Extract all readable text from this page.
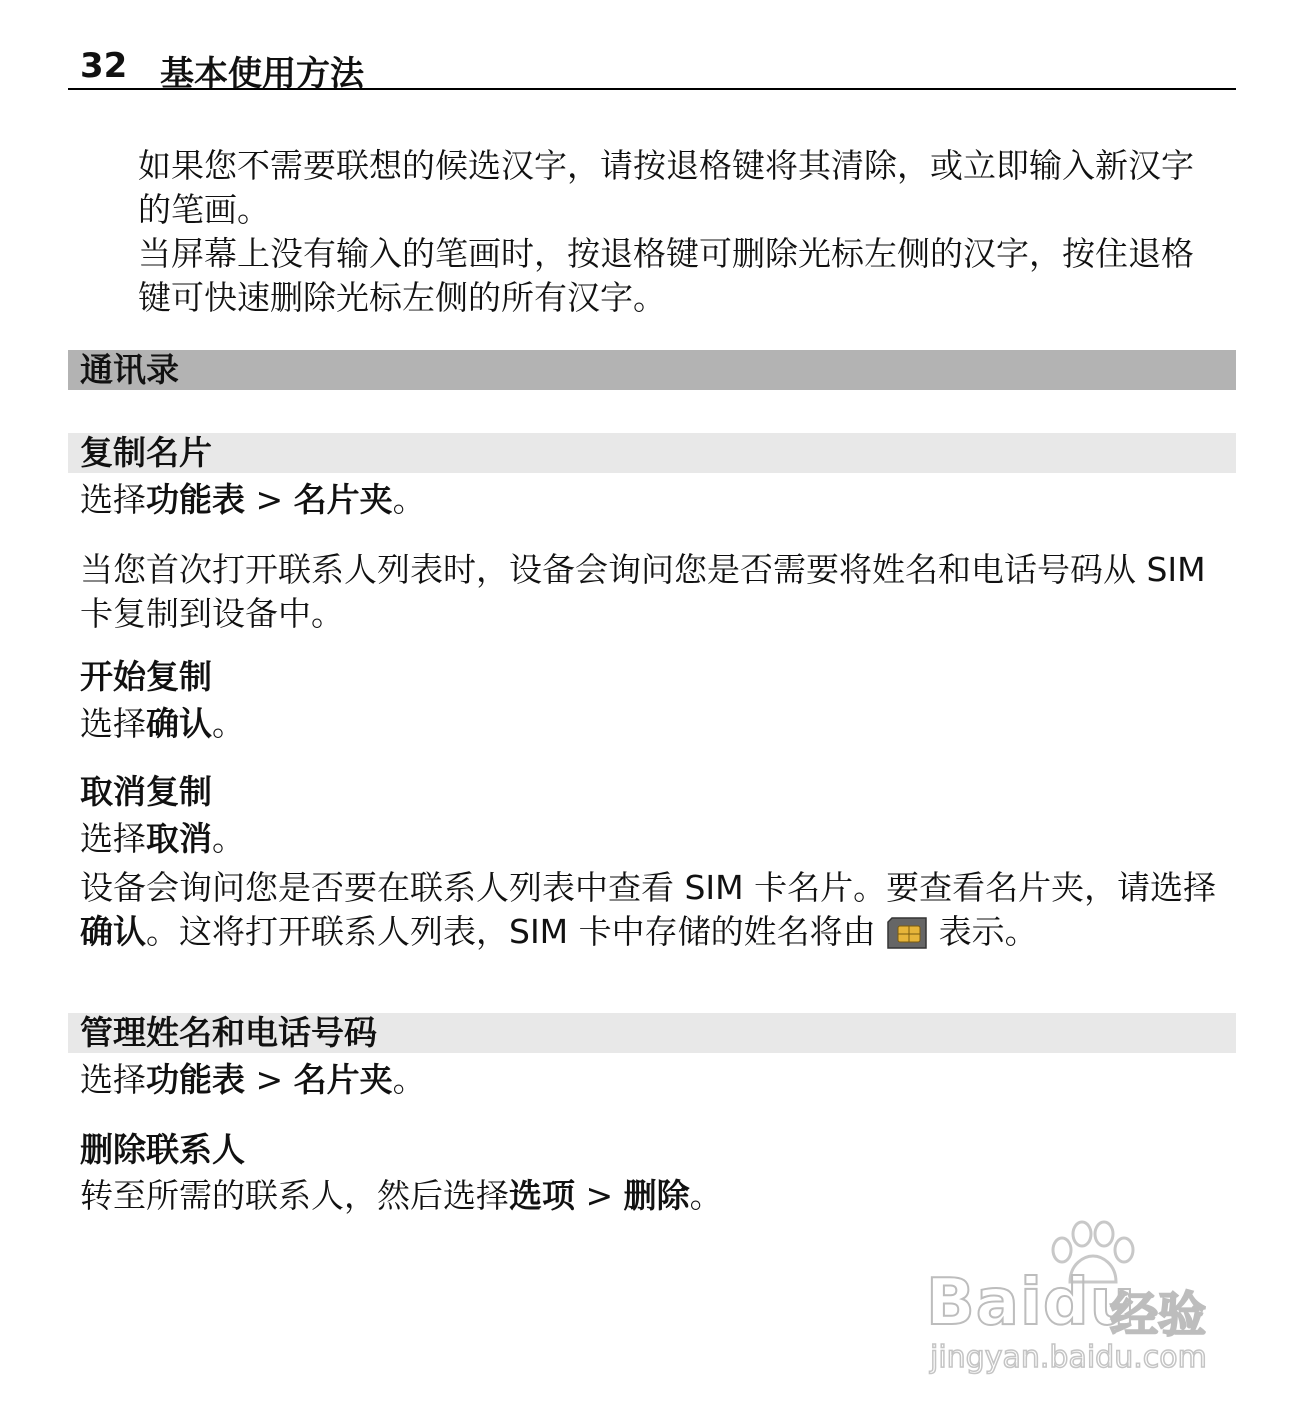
32 基本使用方法
如果您不需要联想的候选汉字，请按退格键将其清除，或立即输入新汉字的笔画。
当屏幕上没有输入的笔画时，按退格键可删除光标左侧的汉字，按住退格键可快速删除光标左侧的所有汉字。
通讯录
复制名片
选择功能表 > 名片夹。
当您首次打开联系人列表时，设备会询问您是否需要将姓名和电话号码从 SIM 卡复制到设备中。
开始复制
选择确认。
取消复制
选择取消。
设备会询问您是否要在联系人列表中查看 SIM 卡名片。要查看名片夹，请选择确认。这将打开联系人列表，SIM 卡中存储的姓名将由  表示。
管理姓名和电话号码
选择功能表 > 名片夹。
删除联系人
转至所需的联系人，然后选择选项 > 删除。
Baidu
经验
jingyan.baidu.com
